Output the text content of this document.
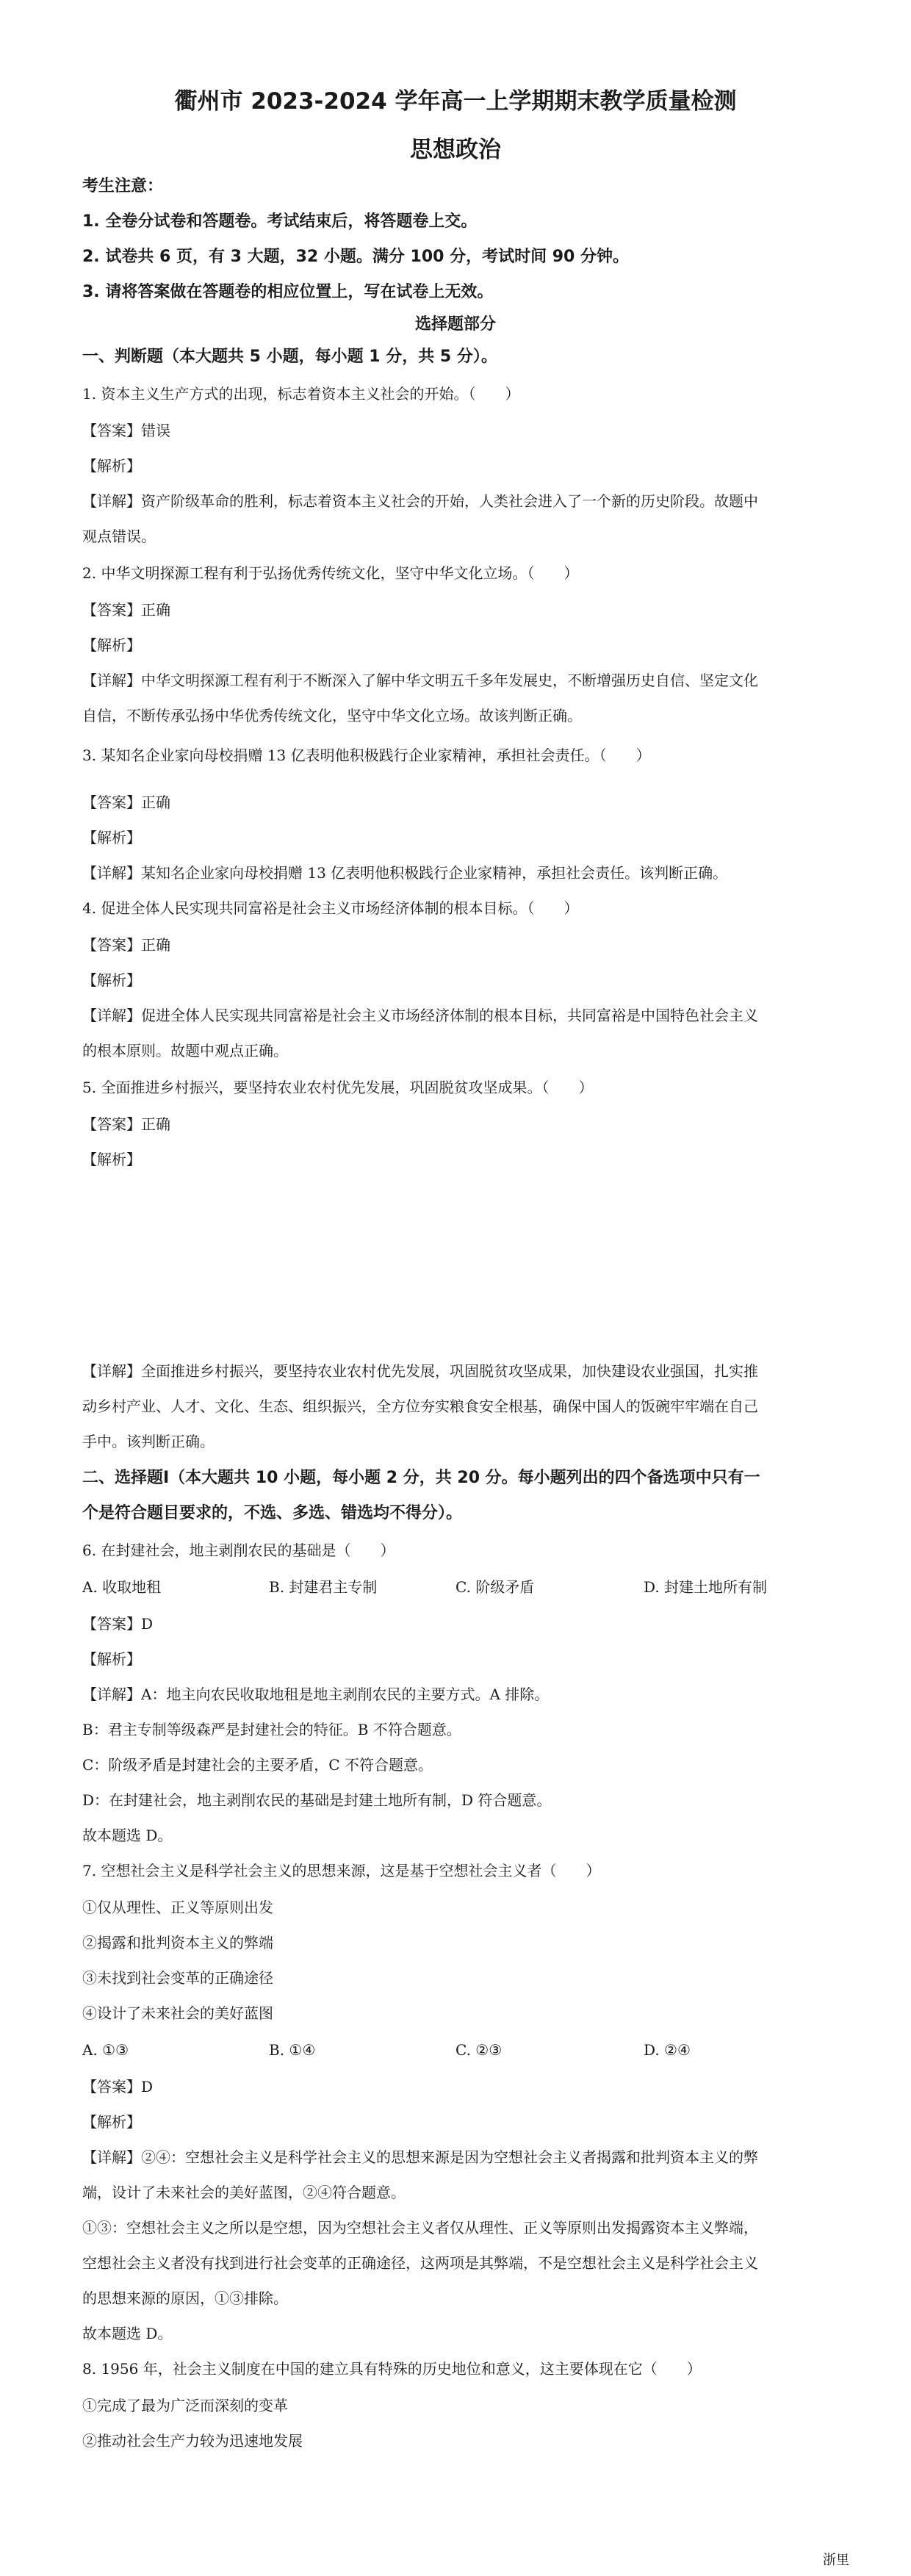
衢州市 2023-2024 学年高一上学期期末教学质量检测
思想政治
考生注意：
1. 全卷分试卷和答题卷。考试结束后，将答题卷上交。
2. 试卷共 6 页，有 3 大题，32 小题。满分 100 分，考试时间 90 分钟。
3. 请将答案做在答题卷的相应位置上，写在试卷上无效。
选择题部分
一、判断题（本大题共 5 小题，每小题 1 分，共 5 分）。
1. 资本主义生产方式的出现，标志着资本主义社会的开始。（　　）
【答案】错误
【解析】
【详解】资产阶级革命的胜利，标志着资本主义社会的开始，人类社会进入了一个新的历史阶段。故题中
观点错误。
2. 中华文明探源工程有利于弘扬优秀传统文化，坚守中华文化立场。（　　）
【答案】正确
【解析】
【详解】中华文明探源工程有利于不断深入了解中华文明五千多年发展史，不断增强历史自信、坚定文化
自信，不断传承弘扬中华优秀传统文化，坚守中华文化立场。故该判断正确。
3. 某知名企业家向母校捐赠 13 亿表明他积极践行企业家精神，承担社会责任。（　　）
【答案】正确
【解析】
【详解】某知名企业家向母校捐赠 13 亿表明他积极践行企业家精神，承担社会责任。该判断正确。
4. 促进全体人民实现共同富裕是社会主义市场经济体制的根本目标。（　　）
【答案】正确
【解析】
【详解】促进全体人民实现共同富裕是社会主义市场经济体制的根本目标，共同富裕是中国特色社会主义
的根本原则。故题中观点正确。
5. 全面推进乡村振兴，要坚持农业农村优先发展，巩固脱贫攻坚成果。（　　）
【答案】正确
【解析】
【详解】全面推进乡村振兴，要坚持农业农村优先发展，巩固脱贫攻坚成果，加快建设农业强国，扎实推
动乡村产业、人才、文化、生态、组织振兴，全方位夯实粮食安全根基，确保中国人的饭碗牢牢端在自己
手中。该判断正确。
二、选择题Ⅰ（本大题共 10 小题，每小题 2 分，共 20 分。每小题列出的四个备选项中只有一
个是符合题目要求的，不选、多选、错选均不得分）。
6. 在封建社会，地主剥削农民的基础是（　　）
A. 收取地租	B. 封建君主专制	C. 阶级矛盾	D. 封建土地所有制
【答案】D
【解析】
【详解】A：地主向农民收取地租是地主剥削农民的主要方式。A 排除。
B：君主专制等级森严是封建社会的特征。B 不符合题意。
C：阶级矛盾是封建社会的主要矛盾，C 不符合题意。
D：在封建社会，地主剥削农民的基础是封建土地所有制，D 符合题意。
故本题选 D。
7. 空想社会主义是科学社会主义的思想来源，这是基于空想社会主义者（　　）
①仅从理性、正义等原则出发
②揭露和批判资本主义的弊端
③未找到社会变革的正确途径
④设计了未来社会的美好蓝图
A. ①③	B. ①④	C. ②③	D. ②④
【答案】D
【解析】
【详解】②④：空想社会主义是科学社会主义的思想来源是因为空想社会主义者揭露和批判资本主义的弊
端，设计了未来社会的美好蓝图，②④符合题意。
①③：空想社会主义之所以是空想，因为空想社会主义者仅从理性、正义等原则出发揭露资本主义弊端，
空想社会主义者没有找到进行社会变革的正确途径，这两项是其弊端，不是空想社会主义是科学社会主义
的思想来源的原因，①③排除。
故本题选 D。
8. 1956 年，社会主义制度在中国的建立具有特殊的历史地位和意义，这主要体现在它（　　）
①完成了最为广泛而深刻的变革
②推动社会生产力较为迅速地发展
浙里
